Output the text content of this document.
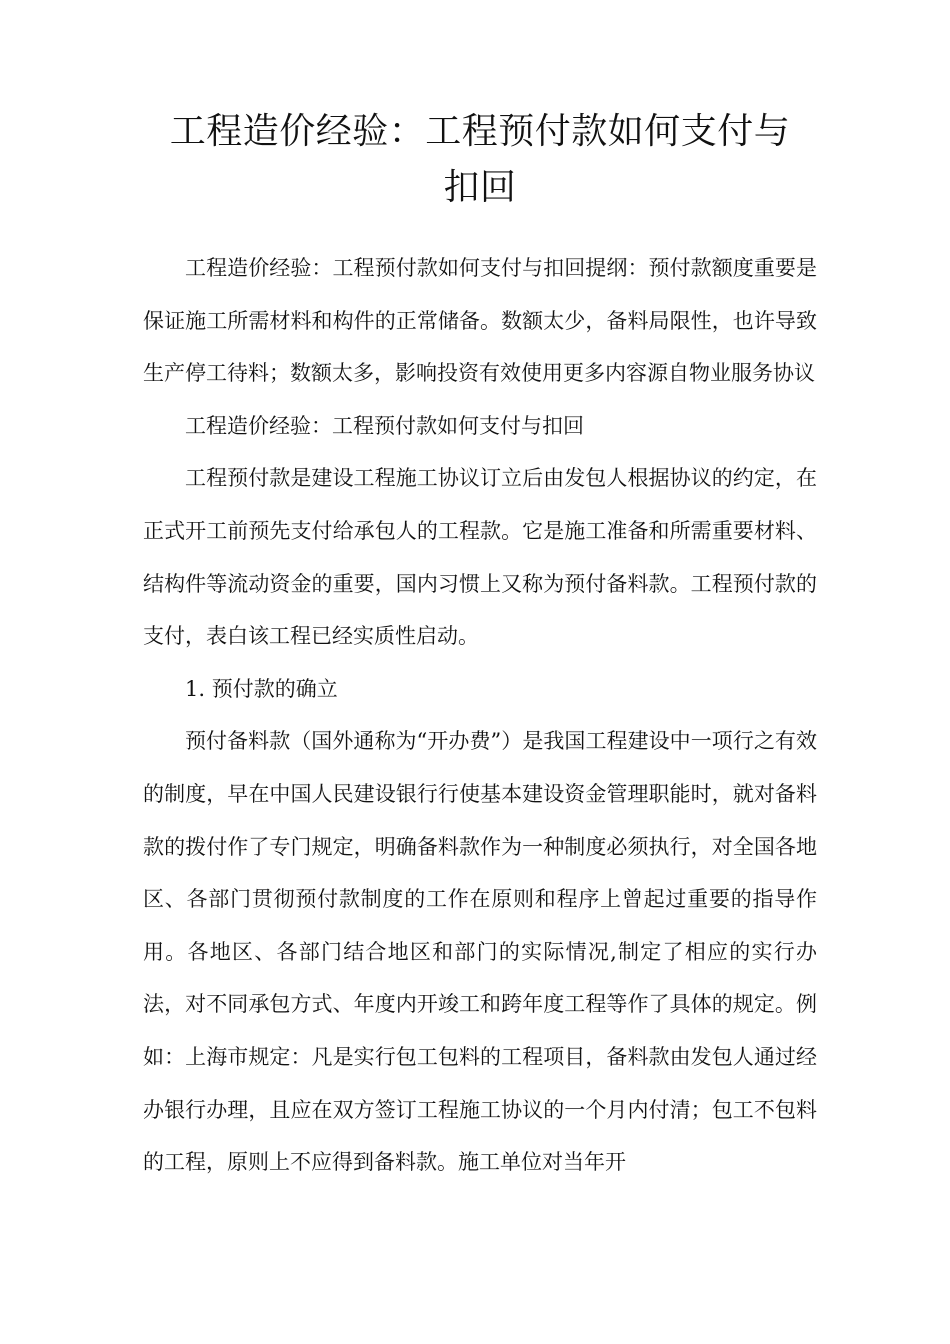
工程造价经验：工程预付款如何支付与扣回

工程造价经验：工程预付款如何支付与扣回提纲：预付款额度重要是保证施工所需材料和构件的正常储备。数额太少，备料局限性，也许导致生产停工待料；数额太多，影响投资有效使用更多内容源自物业服务协议

工程造价经验：工程预付款如何支付与扣回

工程预付款是建设工程施工协议订立后由发包人根据协议的约定，在正式开工前预先支付给承包人的工程款。它是施工准备和所需重要材料、结构件等流动资金的重要，国内习惯上又称为预付备料款。工程预付款的支付，表白该工程已经实质性启动。

1. 预付款的确立

预付备料款（国外通称为“开办费”）是我国工程建设中一项行之有效的制度，早在中国人民建设银行行使基本建设资金管理职能时，就对备料款的拨付作了专门规定，明确备料款作为一种制度必须执行，对全国各地区、各部门贯彻预付款制度的工作在原则和程序上曾起过重要的指导作用。各地区、各部门结合地区和部门的实际情况,制定了相应的实行办法，对不同承包方式、年度内开竣工和跨年度工程等作了具体的规定。例如：上海市规定：凡是实行包工包料的工程项目，备料款由发包人通过经办银行办理，且应在双方签订工程施工协议的一个月内付清；包工不包料的工程，原则上不应得到备料款。施工单位对当年开
